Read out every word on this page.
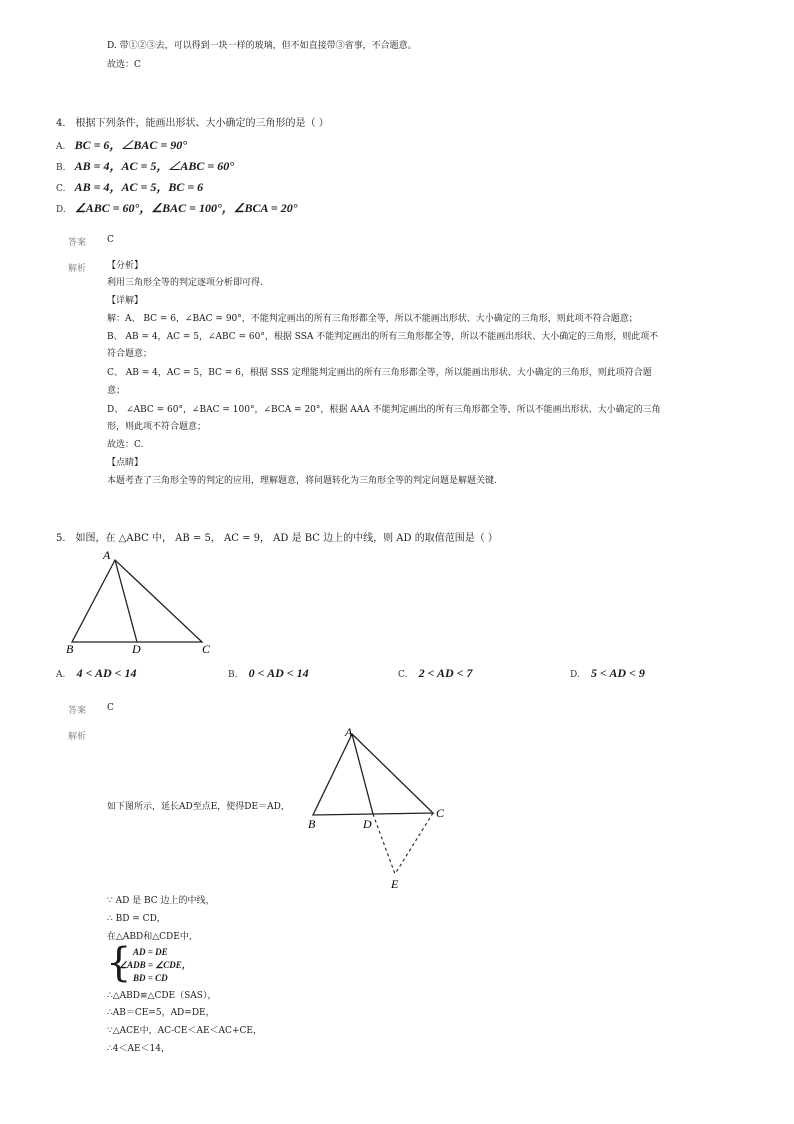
D. 带①②③去，可以得到一块一样的玻璃，但不如直接带③省事，不合题意。
故选：C
4． 根据下列条件，能画出形状、大小确定的三角形的是（ ）
A. BC = 6，∠BAC = 90°
B. AB = 4，AC = 5，∠ABC = 60°
C. AB = 4，AC = 5，BC = 6
D. ∠ABC = 60°，∠BAC = 100°，∠BCA = 20°
答案 C
解析 【分析】
利用三角形全等的判定逐项分析即可得.
【详解】
解：A、 BC = 6，∠BAC = 90°，不能判定画出的所有三角形都全等，所以不能画出形状、大小确定的三角形，则此项不符合题意；
B、 AB = 4，AC = 5，∠ABC = 60°，根据 SSA 不能判定画出的所有三角形都全等，所以不能画出形状、大小确定的三角形，则此项不
符合题意；
C、 AB = 4，AC = 5，BC = 6，根据 SSS 定理能判定画出的所有三角形都全等，所以能画出形状、大小确定的三角形，则此项符合题
意；
D、 ∠ABC = 60°，∠BAC = 100°，∠BCA = 20°，根据 AAA 不能判定画出的所有三角形都全等，所以不能画出形状、大小确定的三角
形，则此项不符合题意；
故选：C.
【点睛】
本题考查了三角形全等的判定的应用，理解题意，将问题转化为三角形全等的判定问题是解题关键.
5． 如图，在 △ABC 中， AB = 5， AC = 9， AD 是 BC 边上的中线，则 AD 的取值范围是（ ）
A
B	D	C
A. 4 < AD < 14	B. 0 < AD < 14	C. 2 < AD < 7	D. 5 < AD < 9
答案 C
解析
如下图所示，延长AD至点E，使得DE＝AD，
A
B	D
C
E
∵ AD 是 BC 边上的中线，
∴ BD = CD，
在△ABD和△CDE中，
{ AD = DE
∠ADB = ∠CDE，
BD = CD
∴△ABD≌△CDE（SAS），
∴AB＝CE=5，AD=DE，
∵△ACE中，AC-CE＜AE＜AC+CE，
∴4＜AE＜14，
